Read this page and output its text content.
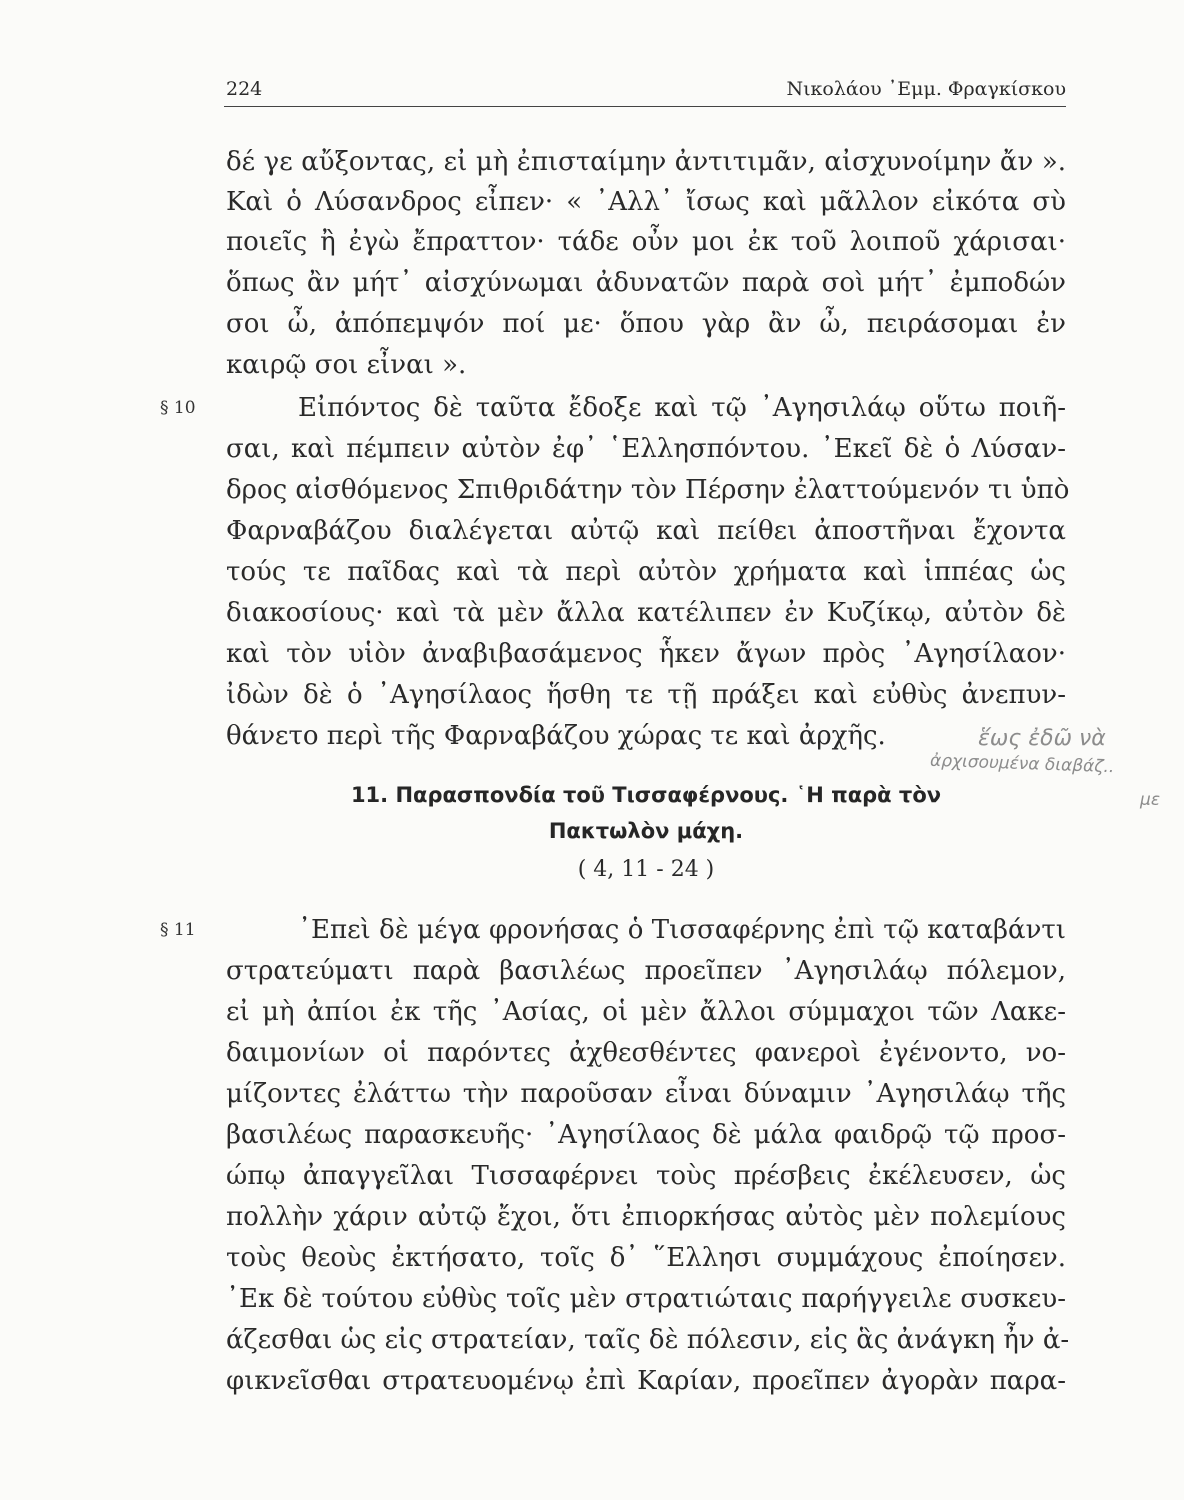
224	Νικολάου ᾿Εμμ. Φραγκίσκου
δέ γε αὔξοντας, εἰ μὴ ἐπισταίμην ἀντιτιμᾶν, αἰσχυνοίμην ἄν ».
Καὶ ὁ Λύσανδρος εἶπεν· « ᾿Αλλ᾿ ἴσως καὶ μᾶλλον εἰκότα σὺ
ποιεῖς ἢ ἐγὼ ἔπραττον· τάδε οὖν μοι ἐκ τοῦ λοιποῦ χάρισαι·
ὅπως ἂν μήτ᾿ αἰσχύνωμαι ἀδυνατῶν παρὰ σοὶ μήτ᾿ ἐμποδών
σοι ὦ, ἀπόπεμψόν ποί με· ὅπου γὰρ ἂν ὦ, πειράσομαι ἐν
καιρῷ σοι εἶναι ».
§ 10	Εἰπόντος δὲ ταῦτα ἔδοξε καὶ τῷ ᾿Αγησιλάῳ οὕτω ποιῆ-
σαι, καὶ πέμπειν αὐτὸν ἐφ᾿ ῾Ελλησπόντου. ᾿Εκεῖ δὲ ὁ Λύσαν-
δρος αἰσθόμενος Σπιθριδάτην τὸν Πέρσην ἐλαττούμενόν τι ὑπὸ
Φαρναβάζου διαλέγεται αὐτῷ καὶ πείθει ἀποστῆναι ἔχοντα
τούς τε παῖδας καὶ τὰ περὶ αὐτὸν χρήματα καὶ ἱππέας ὡς
διακοσίους· καὶ τὰ μὲν ἄλλα κατέλιπεν ἐν Κυζίκῳ, αὐτὸν δὲ
καὶ τὸν υἱὸν ἀναβιβασάμενος ἧκεν ἄγων πρὸς ᾿Αγησίλαον·
ἰδὼν δὲ ὁ ᾿Αγησίλαος ἥσθη τε τῇ πράξει καὶ εὐθὺς ἀνεπυν-
θάνετο περὶ τῆς Φαρναβάζου χώρας τε καὶ ἀρχῆς.	ἕως ἐδῶ νὰ
ἀρχισουμένα διαβάζ..
με
11. Παρασπονδία τοῦ Τισσαφέρνους. ῾Η παρὰ τὸν
Πακτωλὸν μάχη.
( 4, 11 - 24 )
§ 11	᾿Επεὶ δὲ μέγα φρονήσας ὁ Τισσαφέρνης ἐπὶ τῷ καταβάντι
στρατεύματι παρὰ βασιλέως προεῖπεν ᾿Αγησιλάῳ πόλεμον,
εἰ μὴ ἀπίοι ἐκ τῆς ᾿Ασίας, οἱ μὲν ἄλλοι σύμμαχοι τῶν Λακε-
δαιμονίων οἱ παρόντες ἀχθεσθέντες φανεροὶ ἐγένοντο, νο-
μίζοντες ἐλάττω τὴν παροῦσαν εἶναι δύναμιν ᾿Αγησιλάῳ τῆς
βασιλέως παρασκευῆς· ᾿Αγησίλαος δὲ μάλα φαιδρῷ τῷ προσ-
ώπῳ ἀπαγγεῖλαι Τισσαφέρνει τοὺς πρέσβεις ἐκέλευσεν, ὡς
πολλὴν χάριν αὐτῷ ἔχοι, ὅτι ἐπιορκήσας αὐτὸς μὲν πολεμίους
τοὺς θεοὺς ἐκτήσατο, τοῖς δ᾿ ῞Ελλησι συμμάχους ἐποίησεν.
᾿Εκ δὲ τούτου εὐθὺς τοῖς μὲν στρατιώταις παρήγγειλε συσκευ-
άζεσθαι ὡς εἰς στρατείαν, ταῖς δὲ πόλεσιν, εἰς ἃς ἀνάγκη ἦν ἀ-
φικνεῖσθαι στρατευομένῳ ἐπὶ Καρίαν, προεῖπεν ἀγορὰν παρα-
